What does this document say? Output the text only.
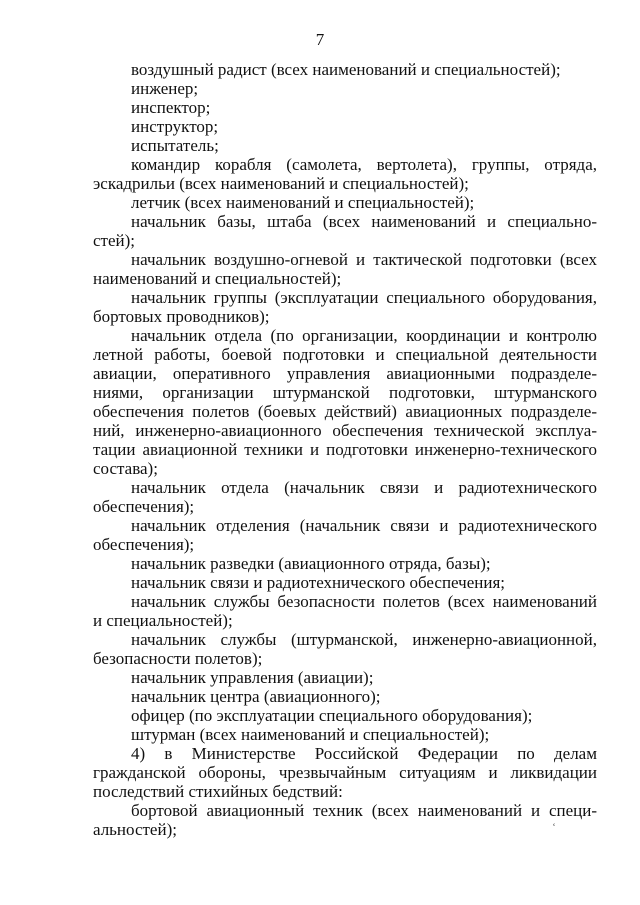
7
воздушный радист (всех наименований и специальностей);
инженер;
инспектор;
инструктор;
испытатель;
командир корабля (самолета, вертолета), группы, отряда,
эскадрильи (всех наименований и специальностей);
летчик (всех наименований и специальностей);
начальник базы, штаба (всех наименований и специально-
стей);
начальник воздушно-огневой и тактической подготовки (всех
наименований и специальностей);
начальник группы (эксплуатации специального оборудования,
бортовых проводников);
начальник отдела (по организации, координации и контролю
летной работы, боевой подготовки и специальной деятельности
авиации, оперативного управления авиационными подразделе-
ниями, организации штурманской подготовки, штурманского
обеспечения полетов (боевых действий) авиационных подразделе-
ний, инженерно-авиационного обеспечения технической эксплуа-
тации авиационной техники и подготовки инженерно-технического
состава);
начальник отдела (начальник связи и радиотехнического
обеспечения);
начальник отделения (начальник связи и радиотехнического
обеспечения);
начальник разведки (авиационного отряда, базы);
начальник связи и радиотехнического обеспечения;
начальник службы безопасности полетов (всех наименований
и специальностей);
начальник службы (штурманской, инженерно-авиационной,
безопасности полетов);
начальник управления (авиации);
начальник центра (авиационного);
офицер (по эксплуатации специального оборудования);
штурман (всех наименований и специальностей);
4) в Министерстве Российской Федерации по делам
гражданской обороны, чрезвычайным ситуациям и ликвидации
последствий стихийных бедствий:
бортовой авиационный техник (всех наименований и специ-
альностей);	ʿ
